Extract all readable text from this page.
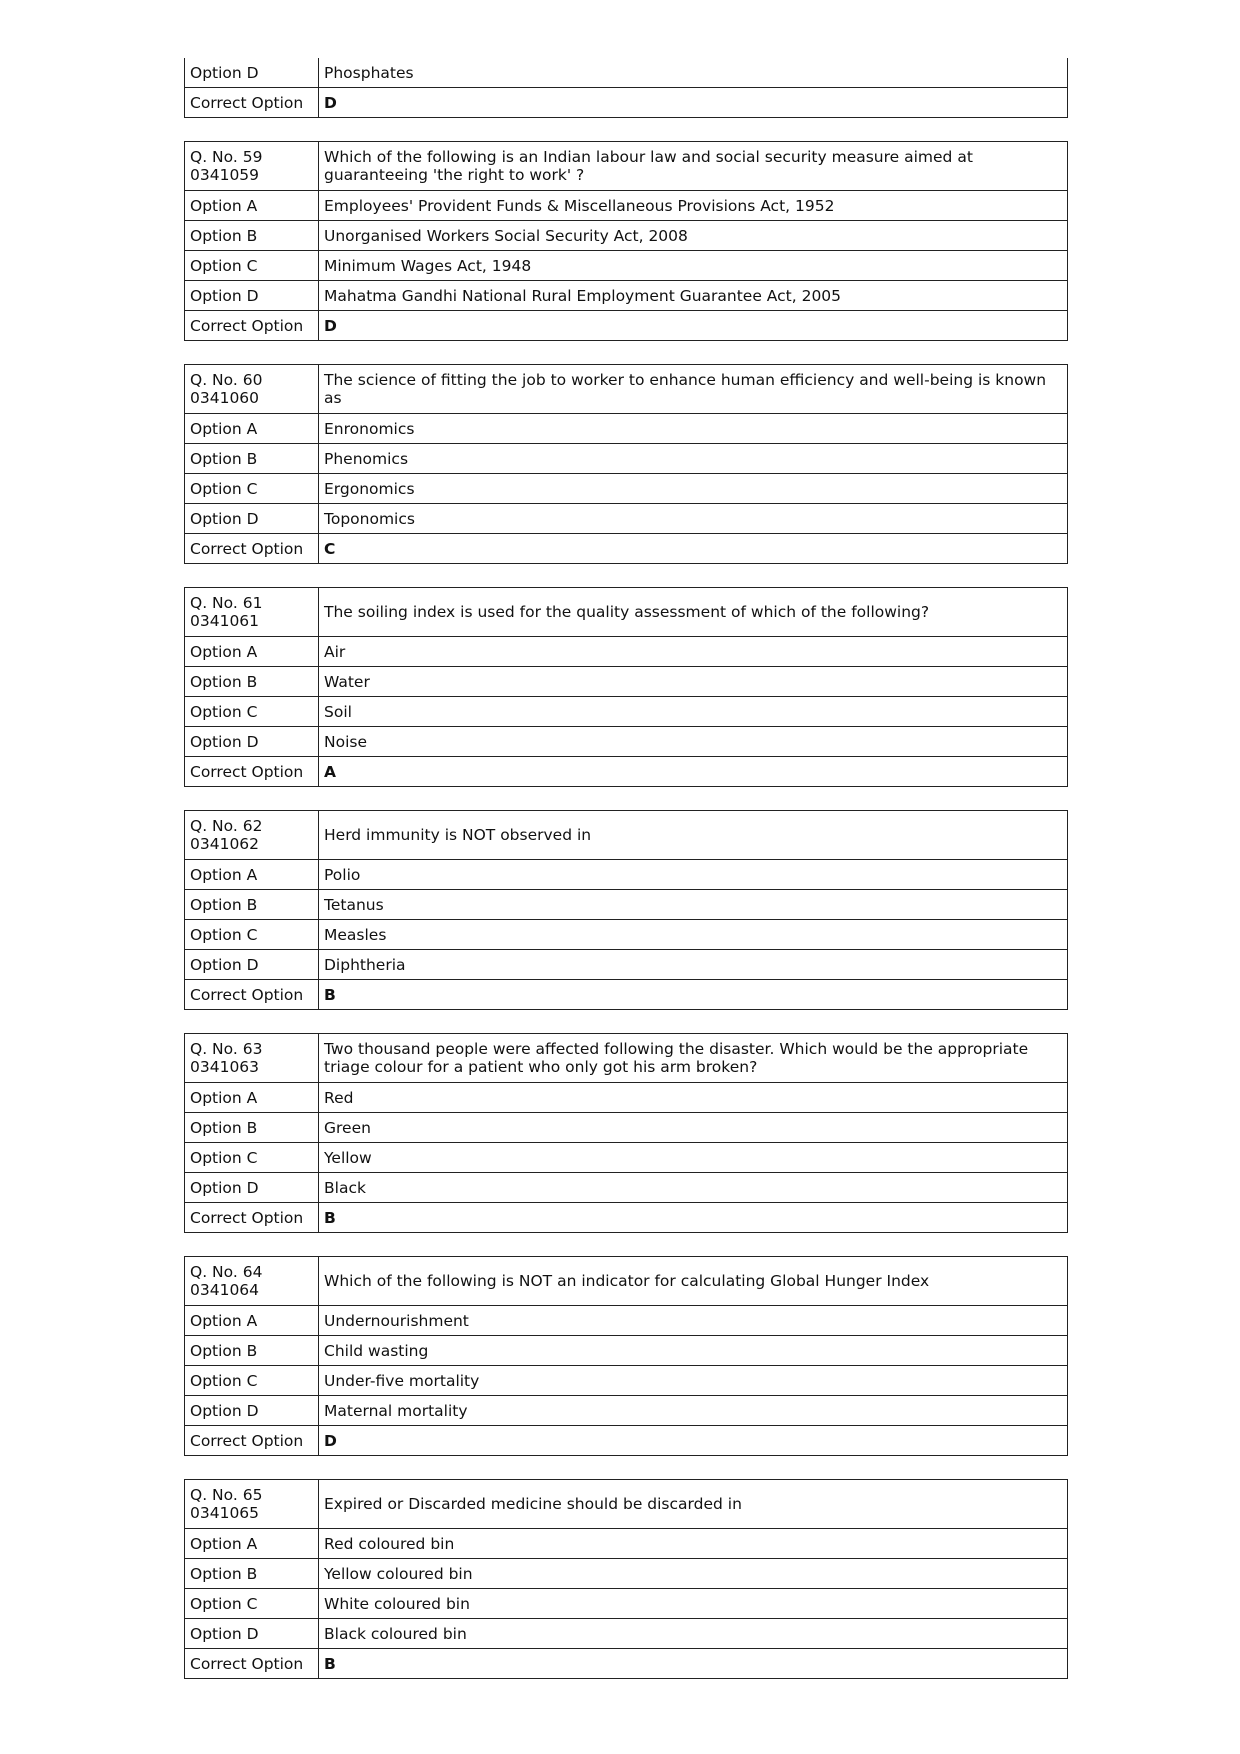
Option D	Phosphates
Correct Option	D
Q. No. 59
0341059	Which of the following is an Indian labour law and social security measure aimed at guaranteeing 'the right to work' ?
Option A	Employees' Provident Funds & Miscellaneous Provisions Act, 1952
Option B	Unorganised Workers Social Security Act, 2008
Option C	Minimum Wages Act, 1948
Option D	Mahatma Gandhi National Rural Employment Guarantee Act, 2005
Correct Option	D
Q. No. 60
0341060	The science of fitting the job to worker to enhance human efficiency and well-being is known as
Option A	Enronomics
Option B	Phenomics
Option C	Ergonomics
Option D	Toponomics
Correct Option	C
Q. No. 61
0341061	The soiling index is used for the quality assessment of which of the following?
Option A	Air
Option B	Water
Option C	Soil
Option D	Noise
Correct Option	A
Q. No. 62
0341062	Herd immunity is NOT observed in
Option A	Polio
Option B	Tetanus
Option C	Measles
Option D	Diphtheria
Correct Option	B
Q. No. 63
0341063	Two thousand people were affected following the disaster. Which would be the appropriate triage colour for a patient who only got his arm broken?
Option A	Red
Option B	Green
Option C	Yellow
Option D	Black
Correct Option	B
Q. No. 64
0341064	Which of the following is NOT an indicator for calculating Global Hunger Index
Option A	Undernourishment
Option B	Child wasting
Option C	Under-five mortality
Option D	Maternal mortality
Correct Option	D
Q. No. 65
0341065	Expired or Discarded medicine should be discarded in
Option A	Red coloured bin
Option B	Yellow coloured bin
Option C	White coloured bin
Option D	Black coloured bin
Correct Option	B
